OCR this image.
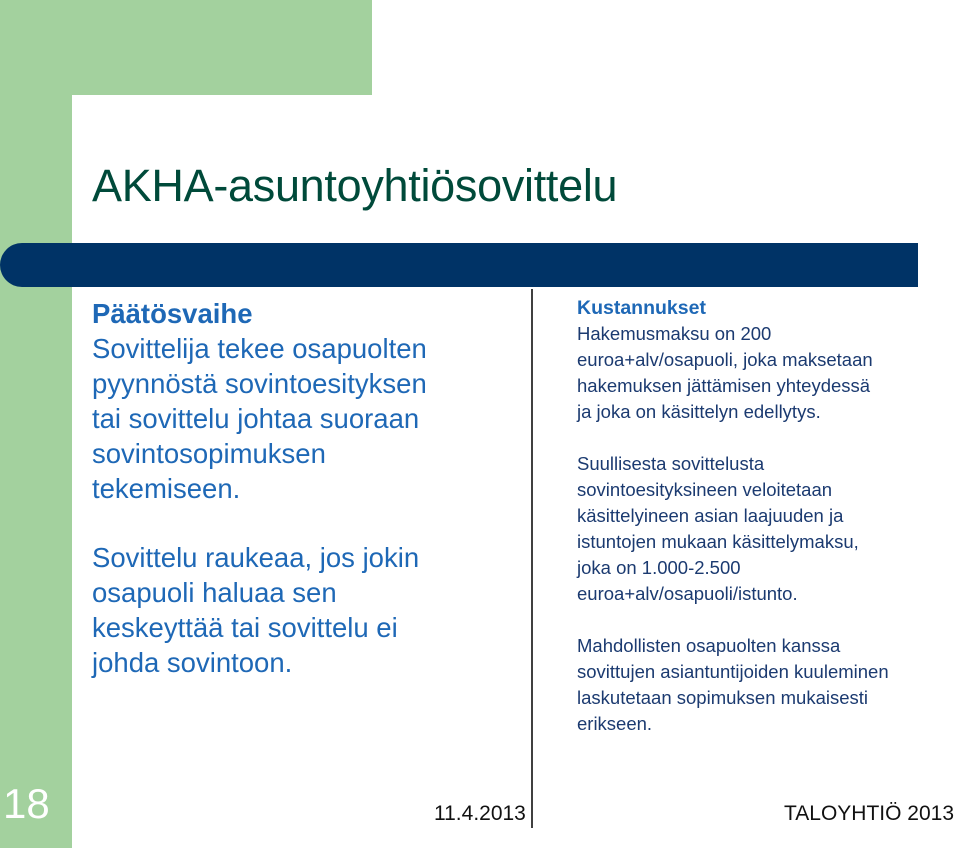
AKHA-asuntoyhtiösovittelu

Päätösvaihe

Sovittelija tekee osapuolten
pyynnöstä sovintoesityksen
tai sovittelu johtaa suoraan
sovintosopimuksen
tekemiseen.

Sovittelu raukeaa, jos jokin
osapuoli haluaa sen
keskeyttää tai sovittelu ei
johda sovintoon.

Kustannukset

Hakemusmaksu on 200
euroa+alv/osapuoli, joka maksetaan
hakemuksen jättämisen yhteydessä
ja joka on käsittelyn edellytys.

Suullisesta sovittelusta
sovintoesityksineen veloitetaan
käsittelyineen asian laajuuden ja
istuntojen mukaan käsittelymaksu,
joka on 1.000-2.500
euroa+alv/osapuoli/istunto.

Mahdollisten osapuolten kanssa
sovittujen asiantuntijoiden kuuleminen
laskutetaan sopimuksen mukaisesti
erikseen.

18	11.4.2013	TALOYHTIÖ 2013
